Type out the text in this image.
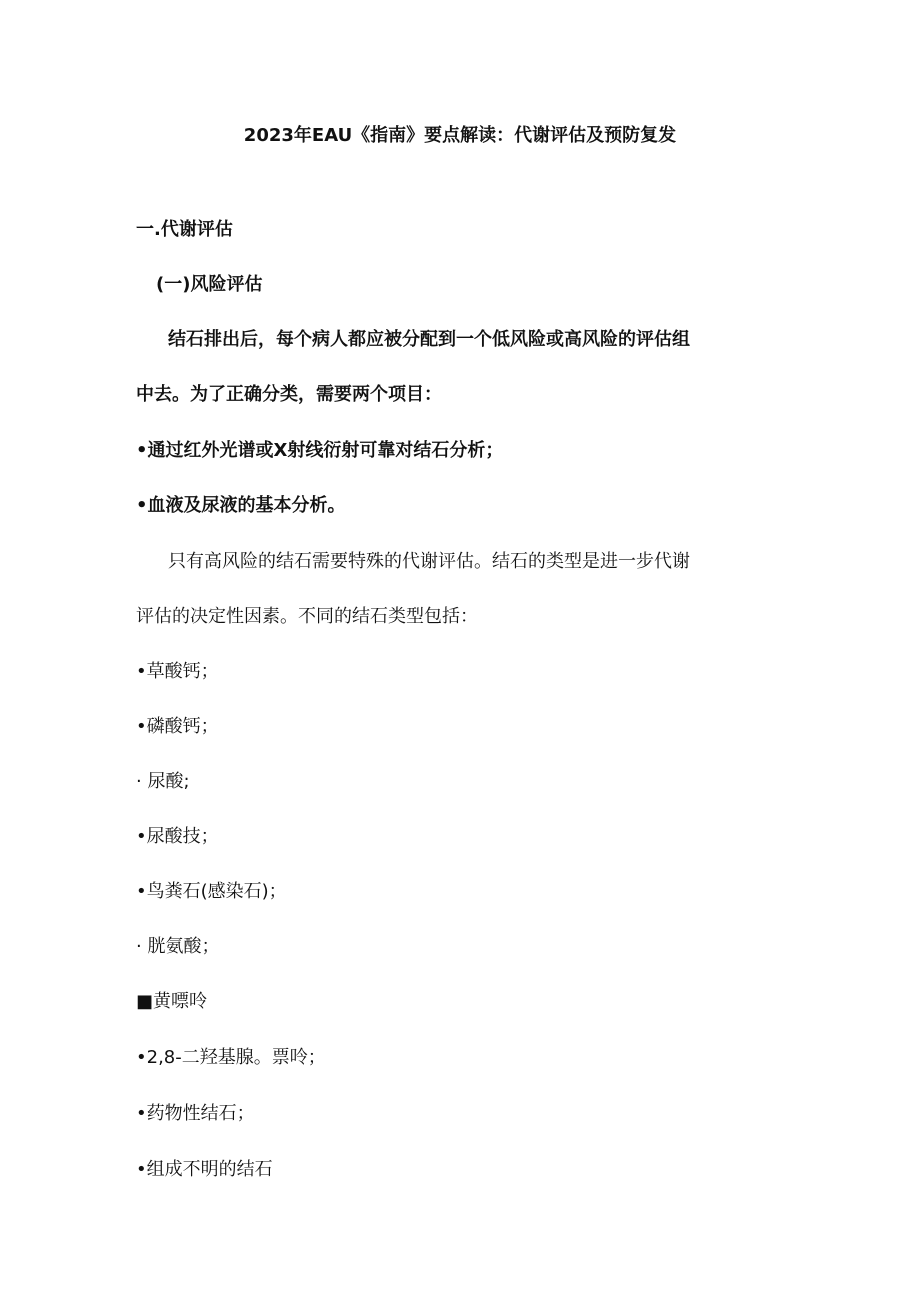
2023年EAU《指南》要点解读：代谢评估及预防复发
一.代谢评估
(一)风险评估
结石排出后，每个病人都应被分配到一个低风险或高风险的评估组
中去。为了正确分类，需要两个项目：
•通过红外光谱或X射线衍射可靠对结石分析；
•血液及尿液的基本分析。
只有高风险的结石需要特殊的代谢评估。结石的类型是进一步代谢
评估的决定性因素。不同的结石类型包括：
•草酸钙；
•磷酸钙；
· 尿酸;
•尿酸技；
•鸟粪石(感染石)；
· 胱氨酸；
■黄嘌呤
•2,8-二羟基腺。票呤；
•药物性结石；
•组成不明的结石
